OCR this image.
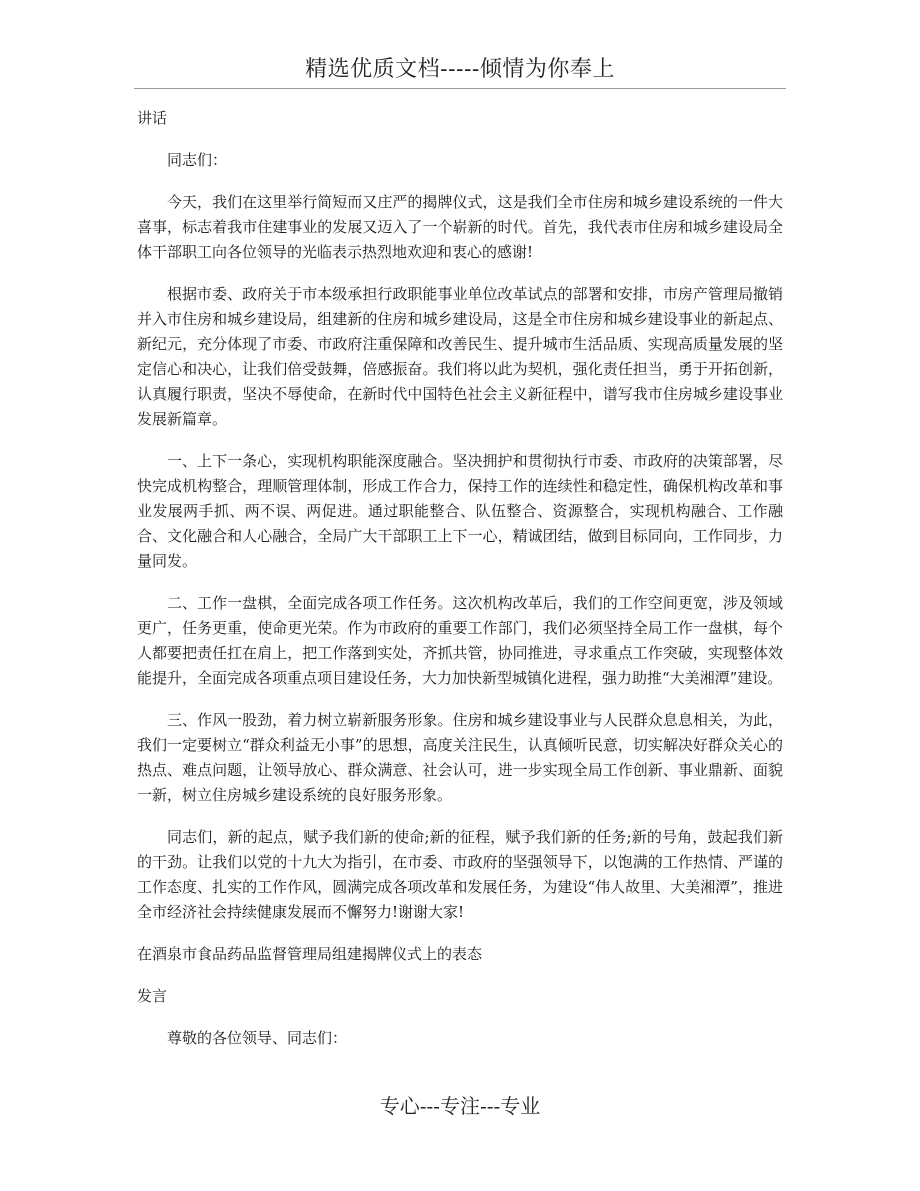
精选优质文档-----倾情为你奉上

讲话

同志们：

今天，我们在这里举行简短而又庄严的揭牌仪式，这是我们全市住房和城乡建设系统的一件大喜事，标志着我市住建事业的发展又迈入了一个崭新的时代。首先，我代表市住房和城乡建设局全体干部职工向各位领导的光临表示热烈地欢迎和衷心的感谢!

根据市委、政府关于市本级承担行政职能事业单位改革试点的部署和安排，市房产管理局撤销并入市住房和城乡建设局，组建新的住房和城乡建设局，这是全市住房和城乡建设事业的新起点、新纪元，充分体现了市委、市政府注重保障和改善民生、提升城市生活品质、实现高质量发展的坚定信心和决心，让我们倍受鼓舞，倍感振奋。我们将以此为契机，强化责任担当，勇于开拓创新，认真履行职责，坚决不辱使命，在新时代中国特色社会主义新征程中，谱写我市住房城乡建设事业发展新篇章。

一、上下一条心，实现机构职能深度融合。坚决拥护和贯彻执行市委、市政府的决策部署，尽快完成机构整合，理顺管理体制，形成工作合力，保持工作的连续性和稳定性，确保机构改革和事业发展两手抓、两不误、两促进。通过职能整合、队伍整合、资源整合，实现机构融合、工作融合、文化融合和人心融合，全局广大干部职工上下一心，精诚团结，做到目标同向，工作同步，力量同发。

二、工作一盘棋，全面完成各项工作任务。这次机构改革后，我们的工作空间更宽，涉及领域更广，任务更重，使命更光荣。作为市政府的重要工作部门，我们必须坚持全局工作一盘棋，每个人都要把责任扛在肩上，把工作落到实处，齐抓共管，协同推进，寻求重点工作突破，实现整体效能提升，全面完成各项重点项目建设任务，大力加快新型城镇化进程，强力助推“大美湘潭”建设。

三、作风一股劲，着力树立崭新服务形象。住房和城乡建设事业与人民群众息息相关，为此，我们一定要树立“群众利益无小事”的思想，高度关注民生，认真倾听民意，切实解决好群众关心的热点、难点问题，让领导放心、群众满意、社会认可，进一步实现全局工作创新、事业鼎新、面貌一新，树立住房城乡建设系统的良好服务形象。

同志们，新的起点，赋予我们新的使命;新的征程，赋予我们新的任务;新的号角，鼓起我们新的干劲。让我们以党的十九大为指引，在市委、市政府的坚强领导下，以饱满的工作热情、严谨的工作态度、扎实的工作作风，圆满完成各项改革和发展任务，为建设“伟人故里、大美湘潭”，推进全市经济社会持续健康发展而不懈努力!谢谢大家!

在酒泉市食品药品监督管理局组建揭牌仪式上的表态

发言

尊敬的各位领导、同志们：

专心---专注---专业
